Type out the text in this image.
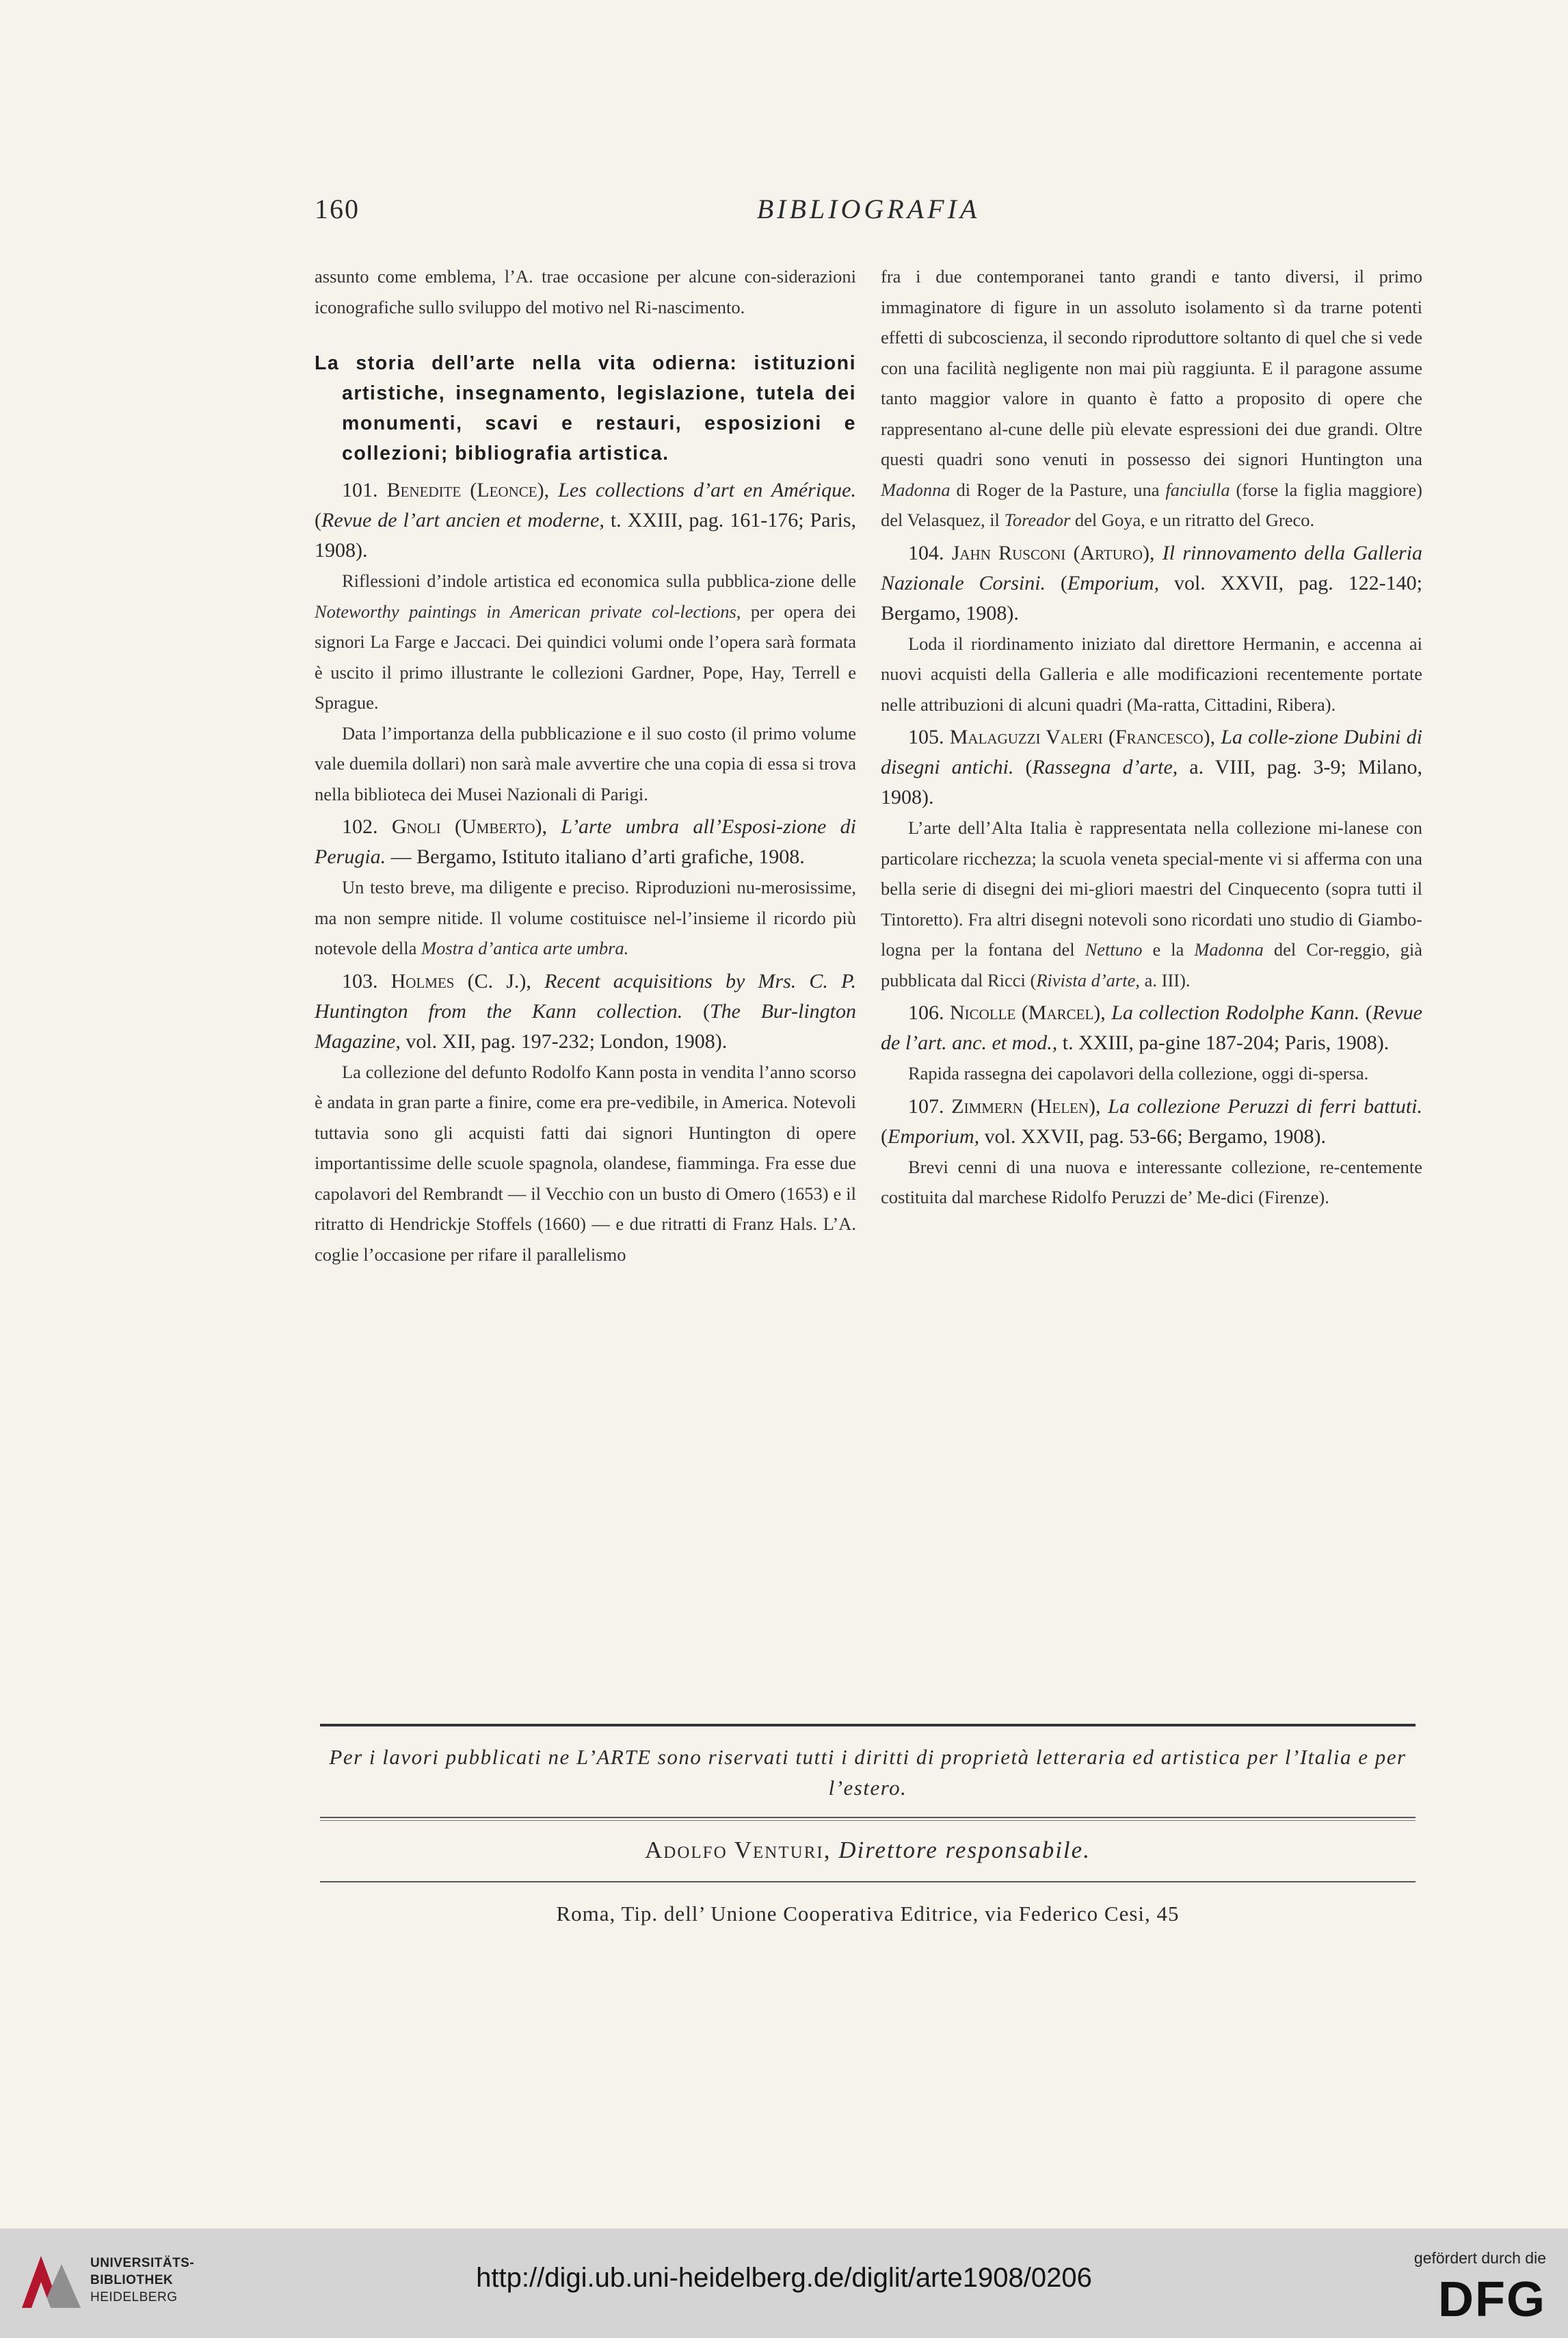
160	BIBLIOGRAFIA

assunto come emblema, l’A. trae occasione per alcune con-siderazioni iconografiche sullo sviluppo del motivo nel Ri-nascimento.

La storia dell’arte nella vita odierna: istituzioni artistiche, insegnamento, legislazione, tutela dei monumenti, scavi e restauri, esposizioni e collezioni; bibliografia artistica.

101. Benedite (Leonce), Les collections d’art en Amérique. (Revue de l’art ancien et moderne, t. XXIII, pag. 161-176; Paris, 1908).

Riflessioni d’indole artistica ed economica sulla pubblica-zione delle Noteworthy paintings in American private col-lections, per opera dei signori La Farge e Jaccaci. Dei quindici volumi onde l’opera sarà formata è uscito il primo illustrante le collezioni Gardner, Pope, Hay, Terrell e Sprague.

Data l’importanza della pubblicazione e il suo costo (il primo volume vale duemila dollari) non sarà male avvertire che una copia di essa si trova nella biblioteca dei Musei Nazionali di Parigi.

102. Gnoli (Umberto), L’arte umbra all’Esposi-zione di Perugia. — Bergamo, Istituto italiano d’arti grafiche, 1908.

Un testo breve, ma diligente e preciso. Riproduzioni nu-merosissime, ma non sempre nitide. Il volume costituisce nel-l’insieme il ricordo più notevole della Mostra d’antica arte umbra.

103. Holmes (C. J.), Recent acquisitions by Mrs. C. P. Huntington from the Kann collection. (The Bur-lington Magazine, vol. XII, pag. 197-232; London, 1908).

La collezione del defunto Rodolfo Kann posta in vendita l’anno scorso è andata in gran parte a finire, come era pre-vedibile, in America. Notevoli tuttavia sono gli acquisti fatti dai signori Huntington di opere importantissime delle scuole spagnola, olandese, fiamminga. Fra esse due capolavori del Rembrandt — il Vecchio con un busto di Omero (1653) e il ritratto di Hendrickje Stoffels (1660) — e due ritratti di Franz Hals. L’A. coglie l’occasione per rifare il parallelismo

fra i due contemporanei tanto grandi e tanto diversi, il primo immaginatore di figure in un assoluto isolamento sì da trarne potenti effetti di subcoscienza, il secondo riproduttore soltanto di quel che si vede con una facilità negligente non mai più raggiunta. E il paragone assume tanto maggior valore in quanto è fatto a proposito di opere che rappresentano al-cune delle più elevate espressioni dei due grandi. Oltre questi quadri sono venuti in possesso dei signori Huntington una Madonna di Roger de la Pasture, una fanciulla (forse la figlia maggiore) del Velasquez, il Toreador del Goya, e un ritratto del Greco.

104. Jahn Rusconi (Arturo), Il rinnovamento della Galleria Nazionale Corsini. (Emporium, vol. XXVII, pag. 122-140; Bergamo, 1908).

Loda il riordinamento iniziato dal direttore Hermanin, e accenna ai nuovi acquisti della Galleria e alle modificazioni recentemente portate nelle attribuzioni di alcuni quadri (Ma-ratta, Cittadini, Ribera).

105. Malaguzzi Valeri (Francesco), La colle-zione Dubini di disegni antichi. (Rassegna d’arte, a. VIII, pag. 3-9; Milano, 1908).

L’arte dell’Alta Italia è rappresentata nella collezione mi-lanese con particolare ricchezza; la scuola veneta special-mente vi si afferma con una bella serie di disegni dei mi-gliori maestri del Cinquecento (sopra tutti il Tintoretto). Fra altri disegni notevoli sono ricordati uno studio di Giambo-logna per la fontana del Nettuno e la Madonna del Cor-reggio, già pubblicata dal Ricci (Rivista d’arte, a. III).

106. Nicolle (Marcel), La collection Rodolphe Kann. (Revue de l’art. anc. et mod., t. XXIII, pa-gine 187-204; Paris, 1908).

Rapida rassegna dei capolavori della collezione, oggi di-spersa.

107. Zimmern (Helen), La collezione Peruzzi di ferri battuti. (Emporium, vol. XXVII, pag. 53-66; Bergamo, 1908).

Brevi cenni di una nuova e interessante collezione, re-centemente costituita dal marchese Ridolfo Peruzzi de’ Me-dici (Firenze).

Per i lavori pubblicati ne L’ARTE sono riservati tutti i diritti di proprietà letteraria ed artistica per l’Italia e per l’estero.
Adolfo Venturi, Direttore responsabile.
Roma, Tip. dell’ Unione Cooperativa Editrice, via Federico Cesi, 45
UNIVERSITÄTS-
BIBLIOTHEK
HEIDELBERG
http://digi.ub.uni-heidelberg.de/diglit/arte1908/0206
gefördert durch die
DFG
